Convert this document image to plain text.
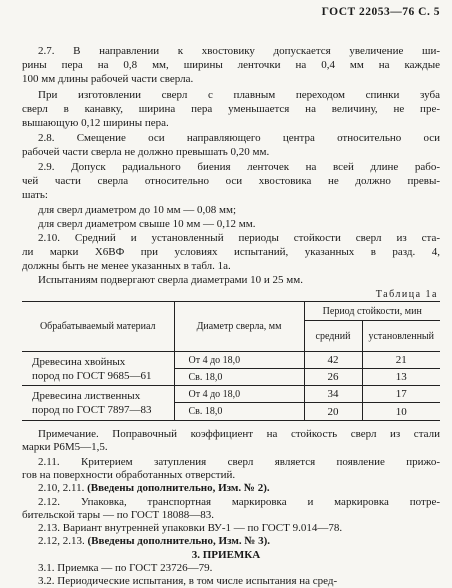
ГОСТ 22053—76 С. 5
2.7. В направлении к хвостовику допускается увеличение ши-
рины пера на 0,8 мм, ширины ленточки на 0,4 мм на каждые
100 мм длины рабочей части сверла.
При изготовлении сверл с плавным переходом спинки зуба
сверл в канавку, ширина пера уменьшается на величину, не пре-
вышающую 0,12 ширины пера.
2.8. Смещение оси направляющего центра относительно оси
рабочей части сверла не должно превышать 0,20 мм.
2.9. Допуск радиального биения ленточек на всей длине рабо-
чей части сверла относительно оси хвостовика не должно превы-
шать:
для сверл диаметром до 10 мм — 0,08 мм;
для сверл диаметром свыше 10 мм — 0,12 мм.
2.10. Средний и установленный периоды стойкости сверл из ста-
ли марки Х6ВФ при условиях испытаний, указанных в разд. 4,
Таблица 1а
должны быть не менее указанных в табл. 1а.
Испытаниям подвергают сверла диаметрами 10 и 25 мм.
Обрабатываемый материал	Диаметр сверла, мм	Период стойкости, мин	
		средний	установленный

Древесина хвойных
пород по ГОСТ 9685—61	От 4 до 18,0	42	21
	Св. 18,0	26	13

Древесина лиственных
пород по ГОСТ 7897—83	От 4 до 18,0	34	17
	Св. 18,0	20	10
Примечание. Поправочный коэффициент на стойкость сверл из стали
марки Р6М5—1,5.
2.11. Критерием затупления сверл является появление прижо-
гов на поверхности обработанных отверстий.
2.10, 2.11. (Введены дополнительно, Изм. № 2).
2.12. Упаковка, транспортная маркировка и маркировка потре-
бительской тары — по ГОСТ 18088—83.
2.13. Вариант внутренней упаковки ВУ-1 — по ГОСТ 9.014—78.
2.12, 2.13. (Введены дополнительно, Изм. № 3).
3. ПРИЕМКА
3.1. Приемка — по ГОСТ 23726—79.
3.2. Периодические испытания, в том числе испытания на сред-
